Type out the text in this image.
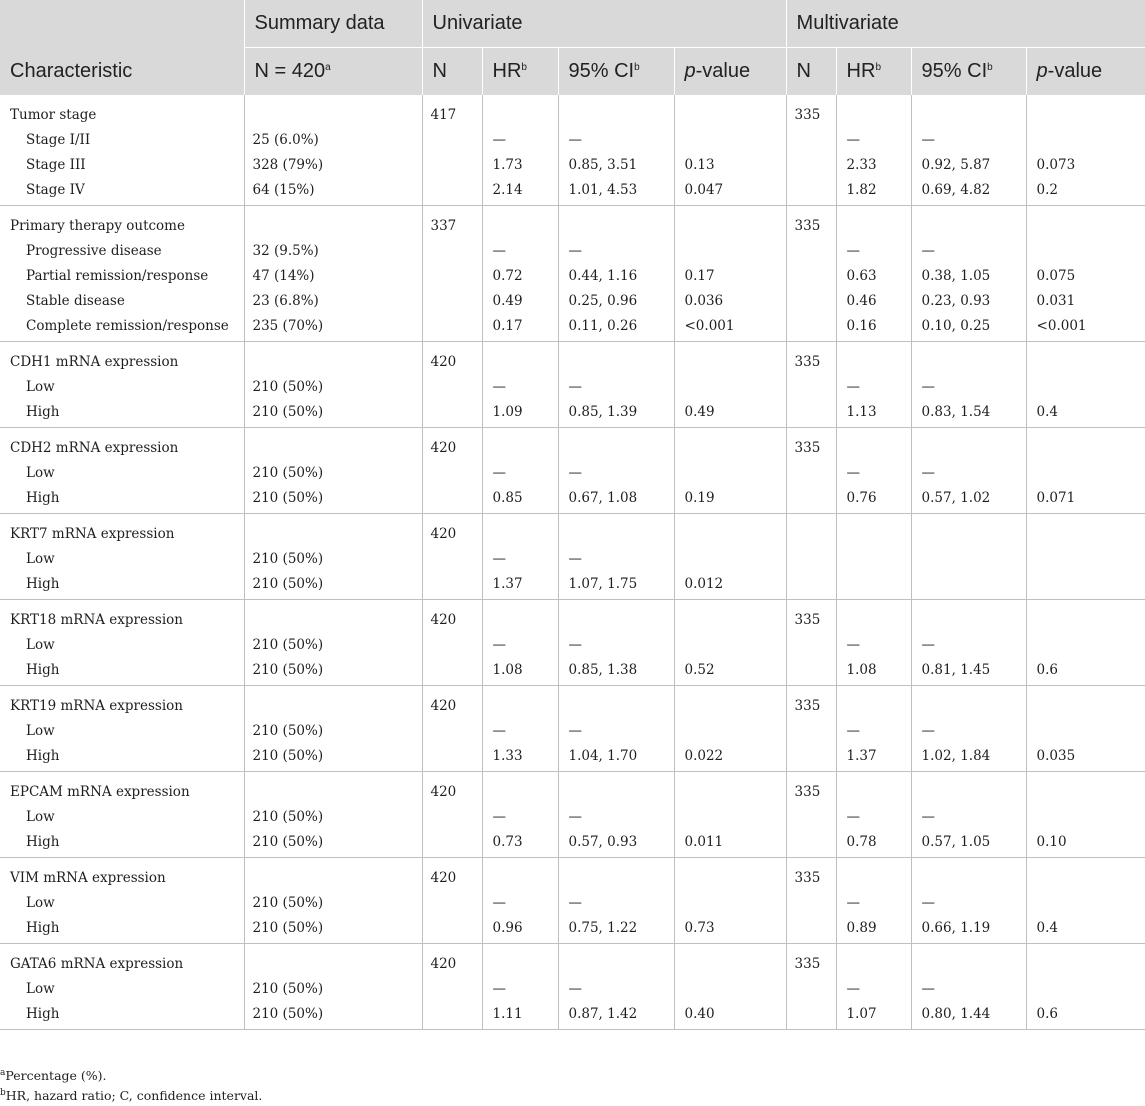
	Summary data	Univariate				Multivariate			
Characteristic	$N = 420^a$	N	$HR^b$	95% $CI^b$	p-value	N	$HR^b$	95% $CI^b$	p-value
Tumor stage		417				335			
Stage I/II	25 (6.0%)		—	—			—	—	
Stage III	328 (79%)		1.73	0.85, 3.51	0.13		2.33	0.92, 5.87	0.073
Stage IV	64 (15%)		2.14	1.01, 4.53	0.047		1.82	0.69, 4.82	0.2
Primary therapy outcome		337				335			
Progressive disease	32 (9.5%)		—	—			—	—	
Partial remission/response	47 (14%)		0.72	0.44, 1.16	0.17		0.63	0.38, 1.05	0.075
Stable disease	23 (6.8%)		0.49	0.25, 0.96	0.036		0.46	0.23, 0.93	0.031
Complete remission/response	235 (70%)		0.17	0.11, 0.26	<0.001		0.16	0.10, 0.25	<0.001
CDH1 mRNA expression		420				335			
Low	210 (50%)		—	—			—	—	
High	210 (50%)		1.09	0.85, 1.39	0.49		1.13	0.83, 1.54	0.4
CDH2 mRNA expression		420				335			
Low	210 (50%)		—	—			—	—	
High	210 (50%)		0.85	0.67, 1.08	0.19		0.76	0.57, 1.02	0.071
KRT7 mRNA expression		420							
Low	210 (50%)		—	—					
High	210 (50%)		1.37	1.07, 1.75	0.012				
KRT18 mRNA expression		420				335			
Low	210 (50%)		—	—			—	—	
High	210 (50%)		1.08	0.85, 1.38	0.52		1.08	0.81, 1.45	0.6
KRT19 mRNA expression		420				335			
Low	210 (50%)		—	—			—	—	
High	210 (50%)		1.33	1.04, 1.70	0.022		1.37	1.02, 1.84	0.035
EPCAM mRNA expression		420				335			
Low	210 (50%)		—	—			—	—	
High	210 (50%)		0.73	0.57, 0.93	0.011		0.78	0.57, 1.05	0.10
VIM mRNA expression		420				335			
Low	210 (50%)		—	—			—	—	
High	210 (50%)		0.96	0.75, 1.22	0.73		0.89	0.66, 1.19	0.4
GATA6 mRNA expression		420				335			
Low	210 (50%)		—	—			—	—	
High	210 (50%)		1.11	0.87, 1.42	0.40		1.07	0.80, 1.44	0.6
$^a$Percentage (%).
$^b$HR, hazard ratio; C, confidence interval.
